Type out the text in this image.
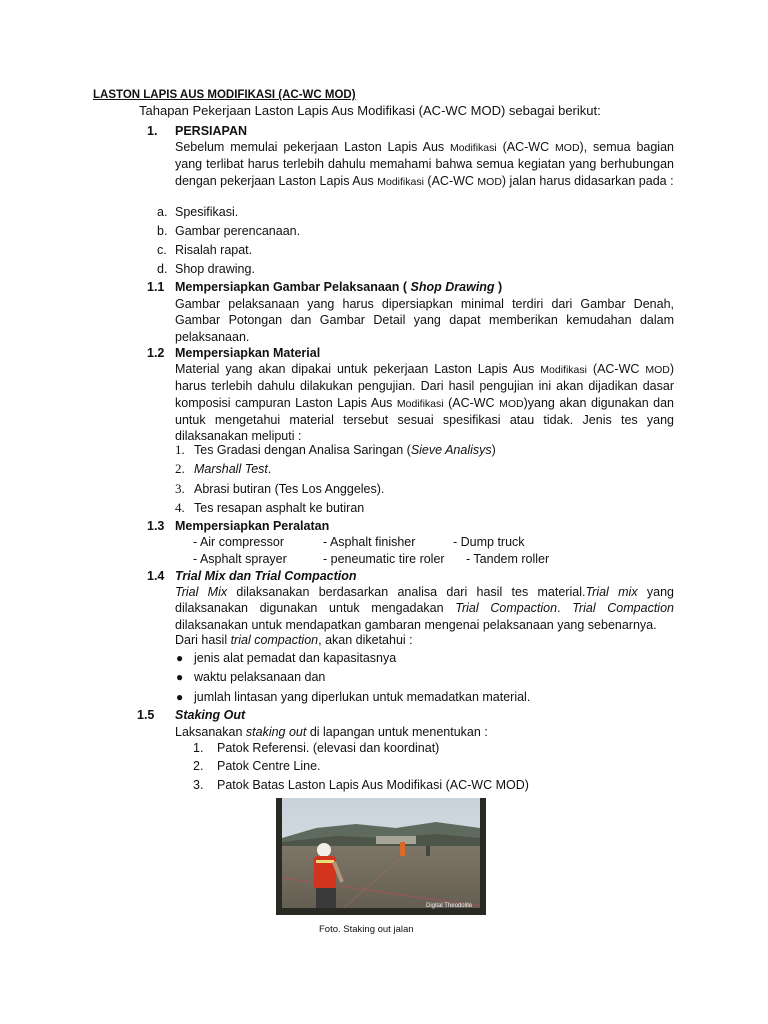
LASTON LAPIS AUS MODIFIKASI (AC-WC MOD)
Tahapan Pekerjaan Laston Lapis Aus Modifikasi (AC-WC MOD) sebagai berikut:
1. PERSIAPAN
Sebelum memulai pekerjaan Laston Lapis Aus Modifikasi (AC-WC MOD), semua bagian yang terlibat harus terlebih dahulu memahami bahwa semua kegiatan yang berhubungan dengan pekerjaan Laston Lapis Aus Modifikasi (AC-WC MOD) jalan harus didasarkan pada :
a. Spesifikasi.
b. Gambar perencanaan.
c. Risalah rapat.
d. Shop drawing.
1.1 Mempersiapkan Gambar Pelaksanaan ( Shop Drawing )
Gambar pelaksanaan yang harus dipersiapkan minimal terdiri dari Gambar Denah, Gambar Potongan dan Gambar Detail yang dapat memberikan kemudahan dalam pelaksanaan.
1.2 Mempersiapkan Material
Material yang akan dipakai untuk pekerjaan Laston Lapis Aus Modifikasi (AC-WC MOD) harus terlebih dahulu dilakukan pengujian. Dari hasil pengujian ini akan dijadikan dasar komposisi campuran Laston Lapis Aus Modifikasi (AC-WC MOD)yang akan digunakan dan untuk mengetahui material tersebut sesuai spesifikasi atau tidak. Jenis tes yang dilaksanakan meliputi :
1. Tes Gradasi dengan Analisa Saringan (Sieve Analisys)
2. Marshall Test.
3. Abrasi butiran (Tes Los Anggeles).
4. Tes resapan asphalt ke butiran
1.3 Mempersiapkan Peralatan
- Air compressor	- Asphalt finisher	- Dump truck
- Asphalt sprayer	- peneumatic tire roler - Tandem roller
1.4 Trial Mix dan Trial Compaction
Trial Mix dilaksanakan berdasarkan analisa dari hasil tes material.Trial mix yang dilaksanakan digunakan untuk mengadakan Trial Compaction. Trial Compaction dilaksanakan untuk mendapatkan gambaran mengenai pelaksanaan yang sebenarnya.
Dari hasil trial compaction, akan diketahui :
● jenis alat pemadat dan kapasitasnya
● waktu pelaksanaan dan
● jumlah lintasan yang diperlukan untuk memadatkan material.
1.5 Staking Out
Laksanakan staking out di lapangan untuk menentukan :
1. Patok Referensi. (elevasi dan koordinat)
2. Patok Centre Line.
3. Patok Batas Laston Lapis Aus Modifikasi (AC-WC MOD)
Digital Theodolite
Foto. Staking out jalan
